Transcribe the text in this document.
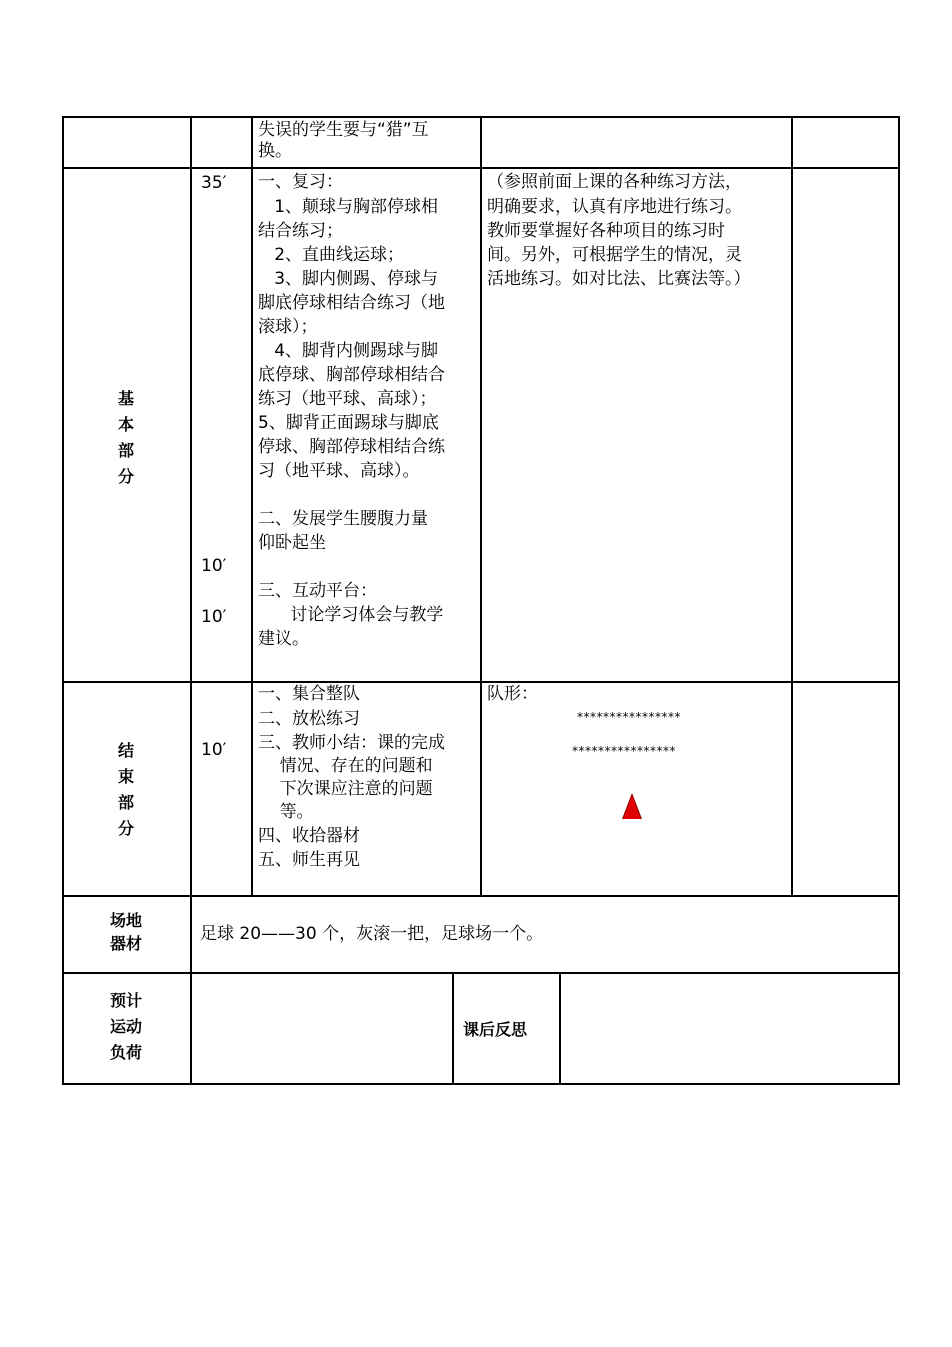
失误的学生要与“猎”互
换。
基
本
部
分
35′
10′
10′
一、复习：
1、颠球与胸部停球相
结合练习；
2、直曲线运球；
3、脚内侧踢、停球与
脚底停球相结合练习（地
滚球）；
4、脚背内侧踢球与脚
底停球、胸部停球相结合
练习（地平球、高球）；
5、脚背正面踢球与脚底
停球、胸部停球相结合练
习（地平球、高球）。
二、发展学生腰腹力量
仰卧起坐
三、互动平台：
讨论学习体会与教学
建议。
（参照前面上课的各种练习方法，
明确要求，认真有序地进行练习。
教师要掌握好各种项目的练习时
间。另外，可根据学生的情况，灵
活地练习。如对比法、比赛法等。）
结
束
部
分
10′
一、集合整队
二、放松练习
三、教师小结：课的完成
情况、存在的问题和
下次课应注意的问题
等。
四、收拾器材
五、师生再见
队形：
****************
****************
场地
器材	足球 20——30 个，灰滚一把，足球场一个。
预计
运动
负荷
课后反思
